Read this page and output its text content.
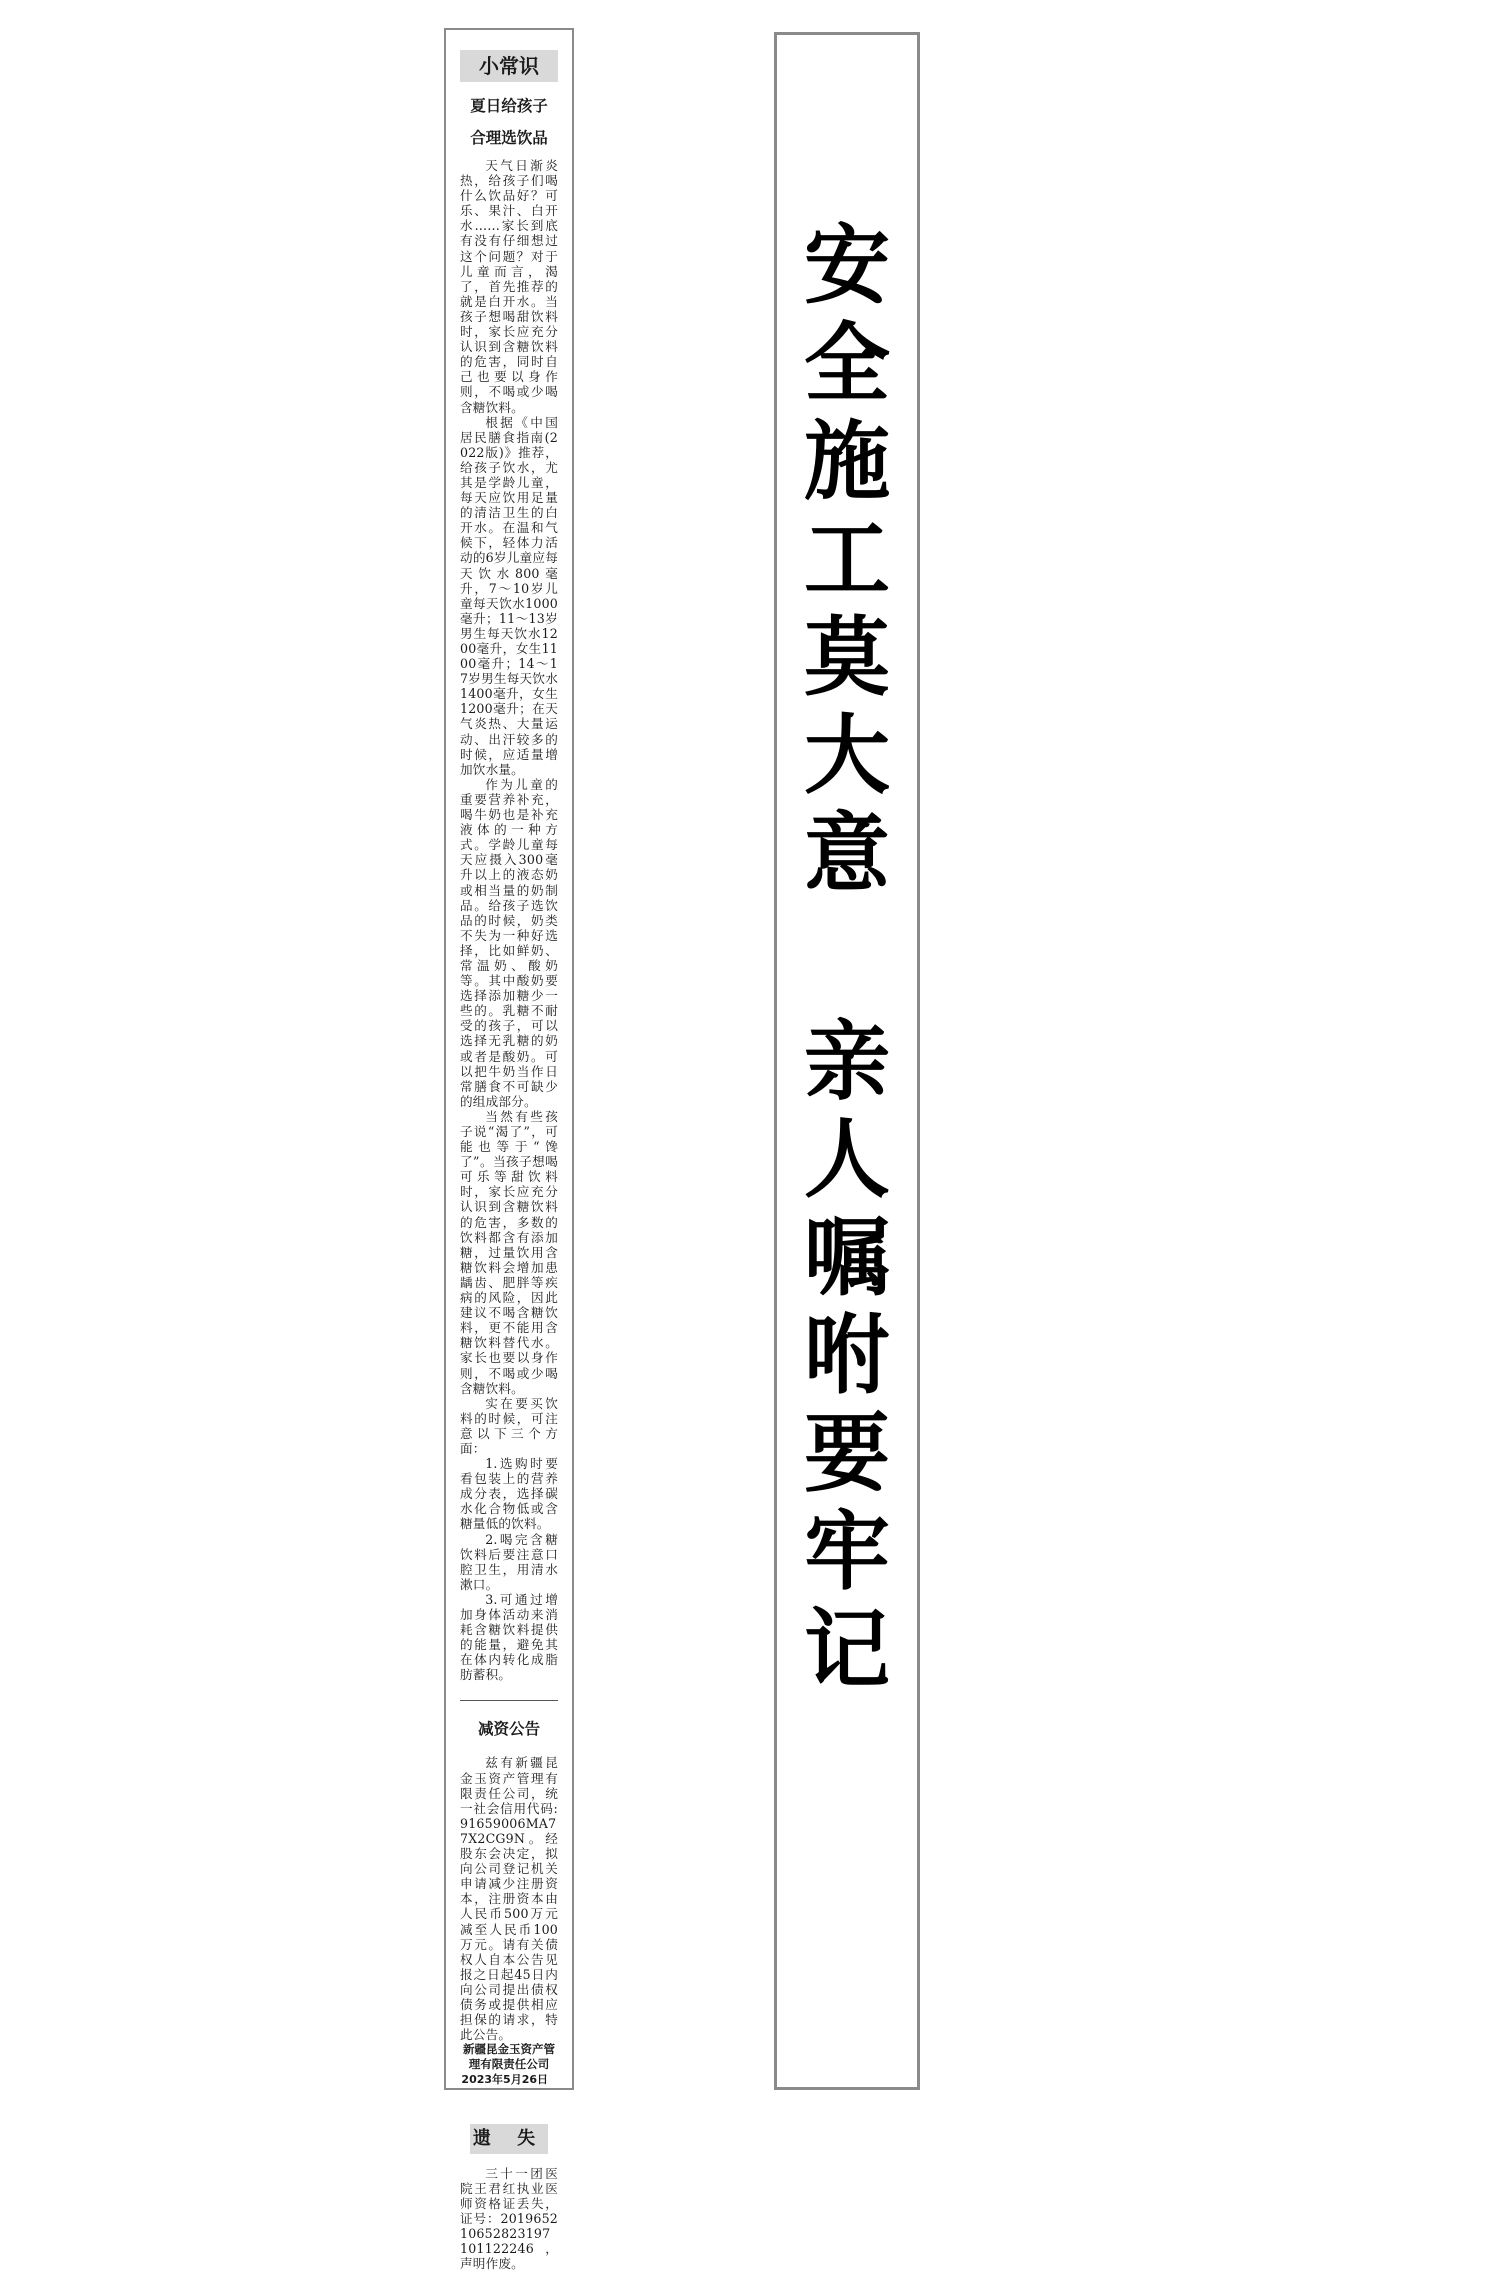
小常识
夏日给孩子
合理选饮品

天气日渐炎热，给孩子们喝什么饮品好？可乐、果汁、白开水……家长到底有没有仔细想过这个问题？对于儿童而言，渴了，首先推荐的就是白开水。当孩子想喝甜饮料时，家长应充分认识到含糖饮料的危害，同时自己也要以身作则，不喝或少喝含糖饮料。

根据《中国居民膳食指南(2022版)》推荐，给孩子饮水，尤其是学龄儿童，每天应饮用足量的清洁卫生的白开水。在温和气候下，轻体力活动的6岁儿童应每天饮水800毫升，7～10岁儿童每天饮水1000毫升；11～13岁男生每天饮水1200毫升，女生1100毫升；14～17岁男生每天饮水1400毫升，女生1200毫升；在天气炎热、大量运动、出汗较多的时候，应适量增加饮水量。

作为儿童的重要营养补充，喝牛奶也是补充液体的一种方式。学龄儿童每天应摄入300毫升以上的液态奶或相当量的奶制品。给孩子选饮品的时候，奶类不失为一种好选择，比如鲜奶、常温奶、酸奶等。其中酸奶要选择添加糖少一些的。乳糖不耐受的孩子，可以选择无乳糖的奶或者是酸奶。可以把牛奶当作日常膳食不可缺少的组成部分。

当然有些孩子说“渴了”，可能也等于“馋了”。当孩子想喝可乐等甜饮料时，家长应充分认识到含糖饮料的危害，多数的饮料都含有添加糖，过量饮用含糖饮料会增加患龋齿、肥胖等疾病的风险，因此建议不喝含糖饮料，更不能用含糖饮料替代水。家长也要以身作则，不喝或少喝含糖饮料。

实在要买饮料的时候，可注意以下三个方面：

1.选购时要看包装上的营养成分表，选择碳水化合物低或含糖量低的饮料。

2.喝完含糖饮料后要注意口腔卫生，用清水漱口。

3.可通过增加身体活动来消耗含糖饮料提供的能量，避免其在体内转化成脂肪蓄积。

减资公告

兹有新疆昆金玉资产管理有限责任公司，统一社会信用代码:91659006MA77X2CG9N。经股东会决定，拟向公司登记机关申请减少注册资本，注册资本由人民币500万元减至人民币100万元。请有关债权人自本公告见报之日起45日内向公司提出债权债务或提供相应担保的请求，特此公告。

新疆昆金玉资产管理有限责任公司
2023年5月26日
遗 失

三十一团医院王君红执业医师资格证丢失，证号：201965210652823197101122246，声明作废。

安全施工莫大意
亲人嘱咐要牢记
